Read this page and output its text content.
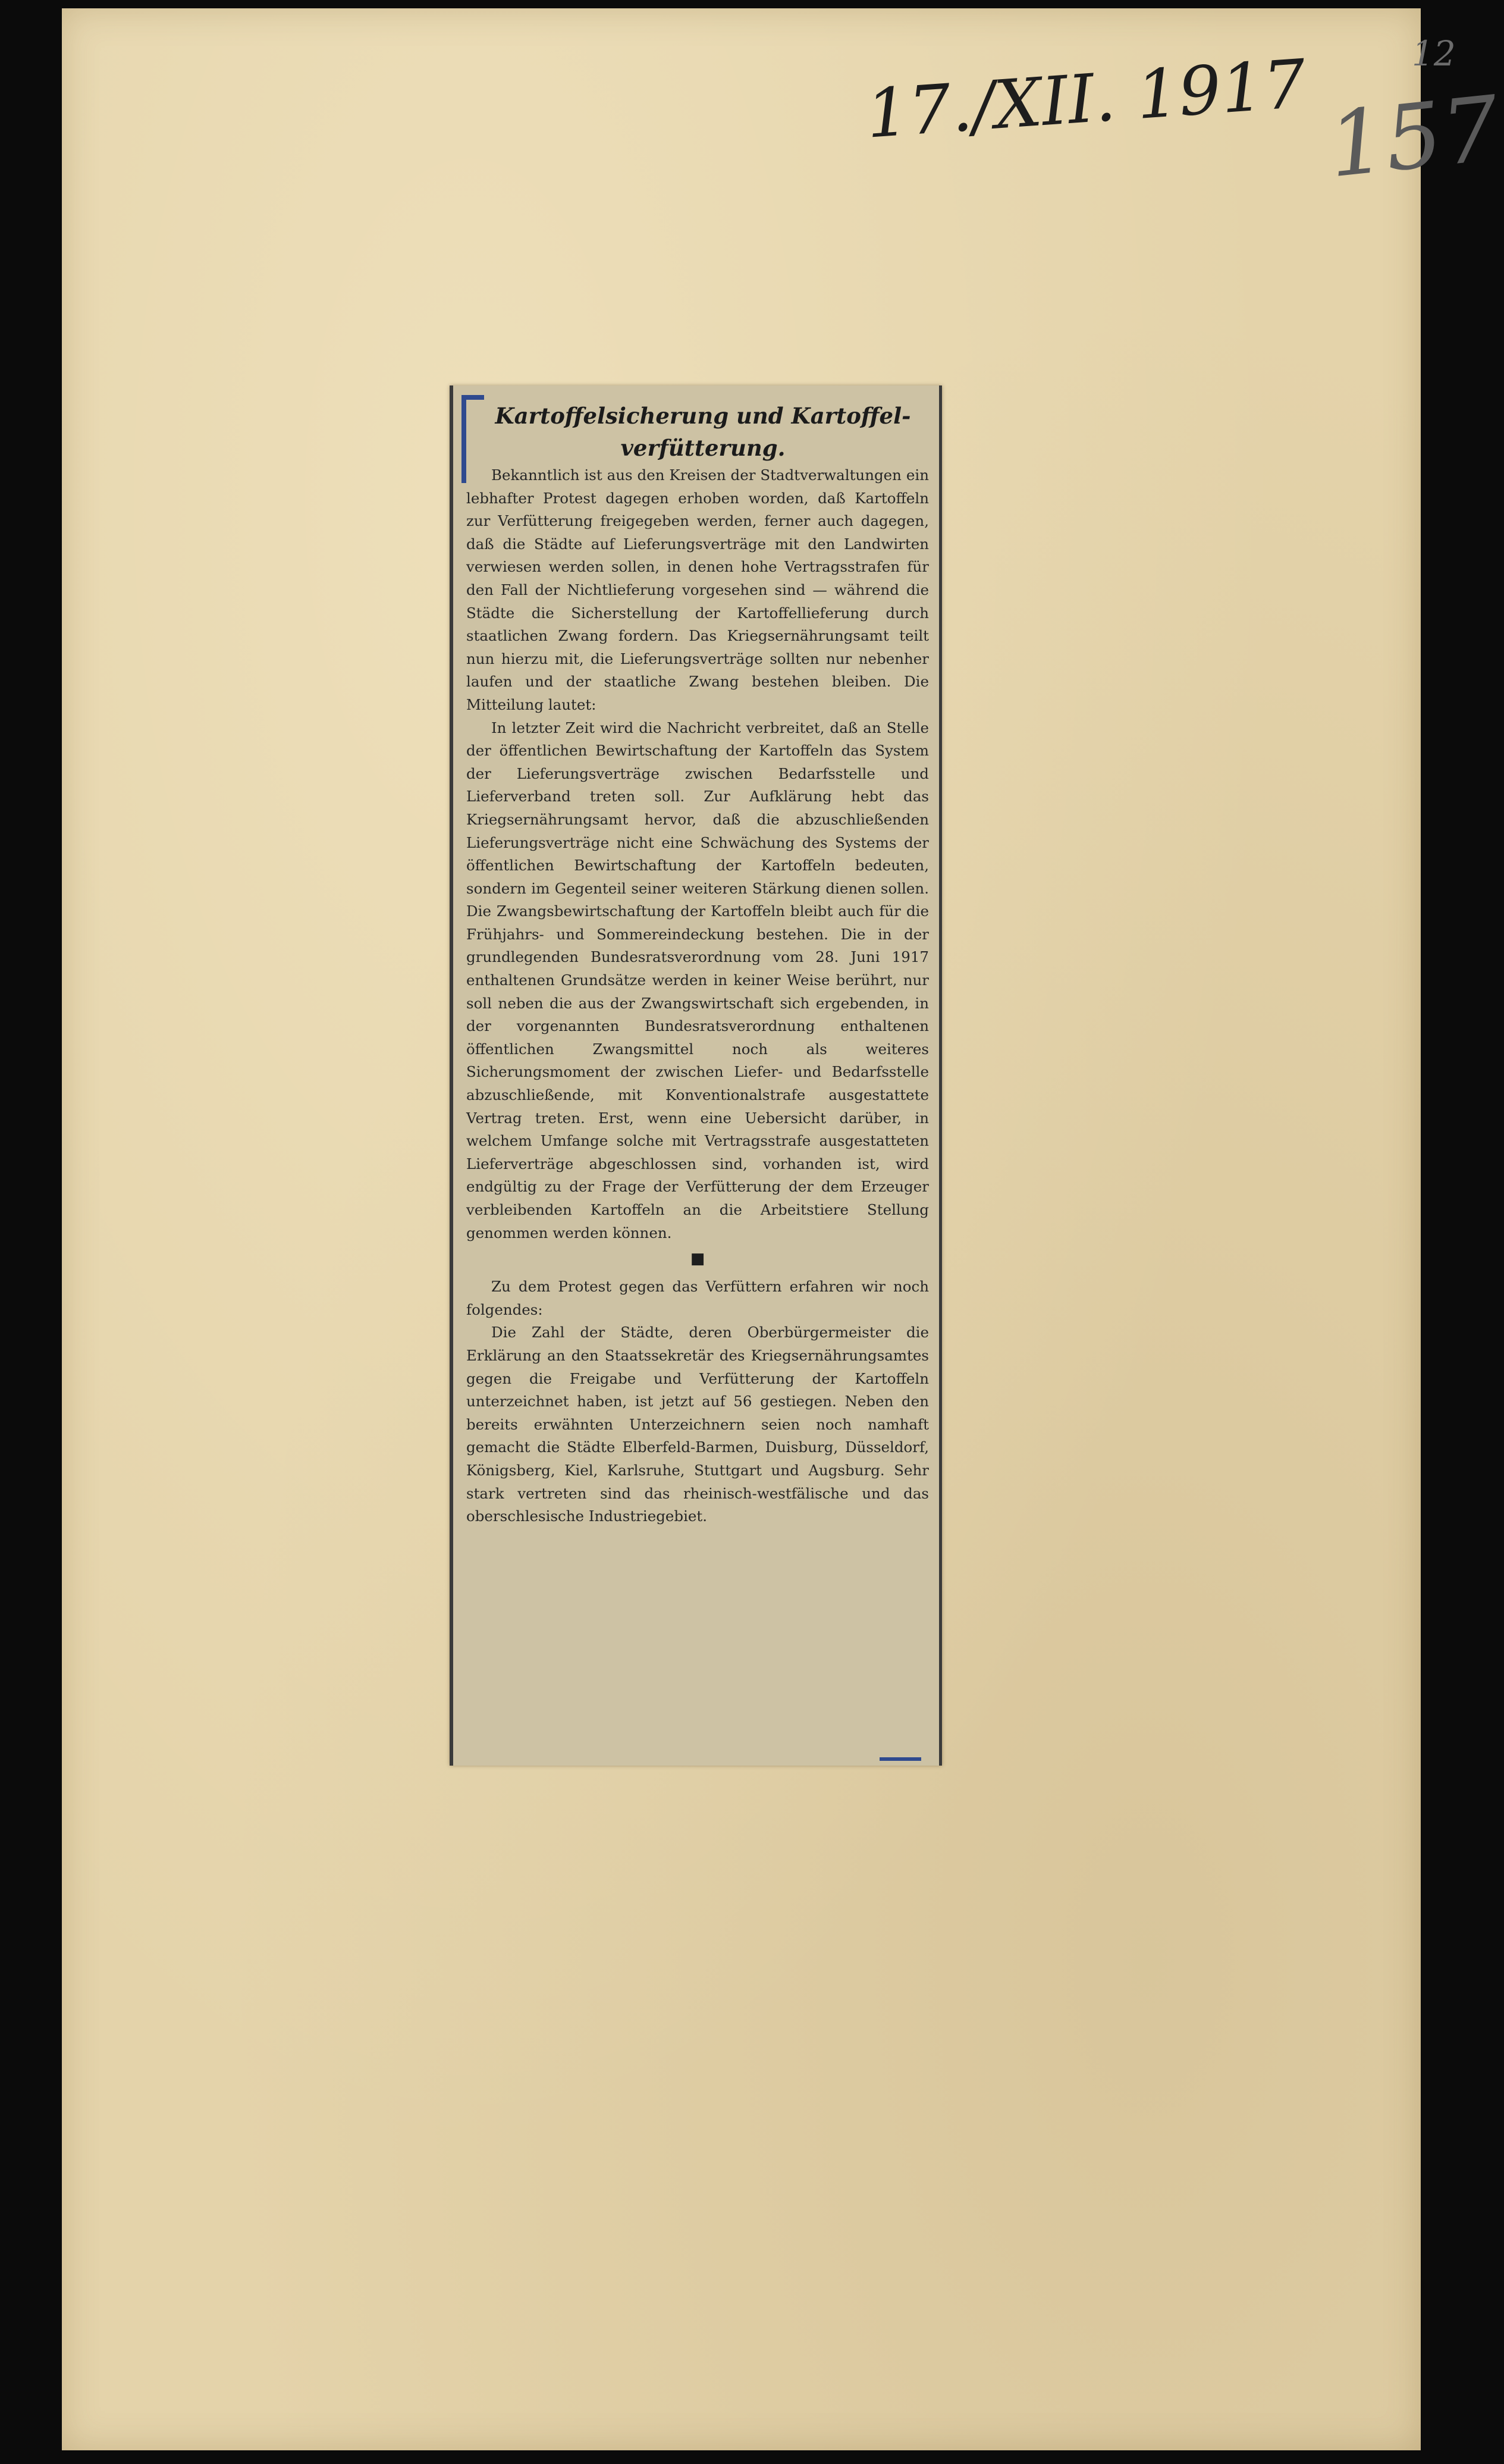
17./XII. 1917	12
157
Kartoffelsicherung und Kartoffel-verfütterung.

Bekanntlich ist aus den Kreisen der Stadtverwaltungen ein lebhafter Protest dagegen erhoben worden, daß Kartoffeln zur Verfütterung freigegeben werden, ferner auch dagegen, daß die Städte auf Lieferungsverträge mit den Landwirten verwiesen werden sollen, in denen hohe Vertragsstrafen für den Fall der Nichtlieferung vorgesehen sind — während die Städte die Sicherstellung der Kartoffellieferung durch staatlichen Zwang fordern. Das Kriegsernährungsamt teilt nun hierzu mit, die Lieferungsverträge sollten nur nebenher laufen und der staatliche Zwang bestehen bleiben. Die Mitteilung lautet:

In letzter Zeit wird die Nachricht verbreitet, daß an Stelle der öffentlichen Bewirtschaftung der Kartoffeln das System der Lieferungsverträge zwischen Bedarfsstelle und Lieferverband treten soll. Zur Aufklärung hebt das Kriegsernährungsamt hervor, daß die abzuschließenden Lieferungsverträge nicht eine Schwächung des Systems der öffentlichen Bewirtschaftung der Kartoffeln bedeuten, sondern im Gegenteil seiner weiteren Stärkung dienen sollen. Die Zwangsbewirtschaftung der Kartoffeln bleibt auch für die Frühjahrs- und Sommereindeckung bestehen. Die in der grundlegenden Bundesratsverordnung vom 28. Juni 1917 enthaltenen Grundsätze werden in keiner Weise berührt, nur soll neben die aus der Zwangswirtschaft sich ergebenden, in der vorgenannten Bundesratsverordnung enthaltenen öffentlichen Zwangsmittel noch als weiteres Sicherungsmoment der zwischen Liefer- und Bedarfsstelle abzuschließende, mit Konventionalstrafe ausgestattete Vertrag treten. Erst, wenn eine Uebersicht darüber, in welchem Umfange solche mit Vertragsstrafe ausgestatteten Lieferverträge abgeschlossen sind, vorhanden ist, wird endgültig zu der Frage der Verfütterung der dem Erzeuger verbleibenden Kartoffeln an die Arbeitstiere Stellung genommen werden können.

■

Zu dem Protest gegen das Verfüttern erfahren wir noch folgendes:

Die Zahl der Städte, deren Oberbürgermeister die Erklärung an den Staatssekretär des Kriegsernährungsamtes gegen die Freigabe und Verfütterung der Kartoffeln unterzeichnet haben, ist jetzt auf 56 gestiegen. Neben den bereits erwähnten Unterzeichnern seien noch namhaft gemacht die Städte Elberfeld-Barmen, Duisburg, Düsseldorf, Königsberg, Kiel, Karlsruhe, Stuttgart und Augsburg. Sehr stark vertreten sind das rheinisch-westfälische und das oberschlesische Industriegebiet.
